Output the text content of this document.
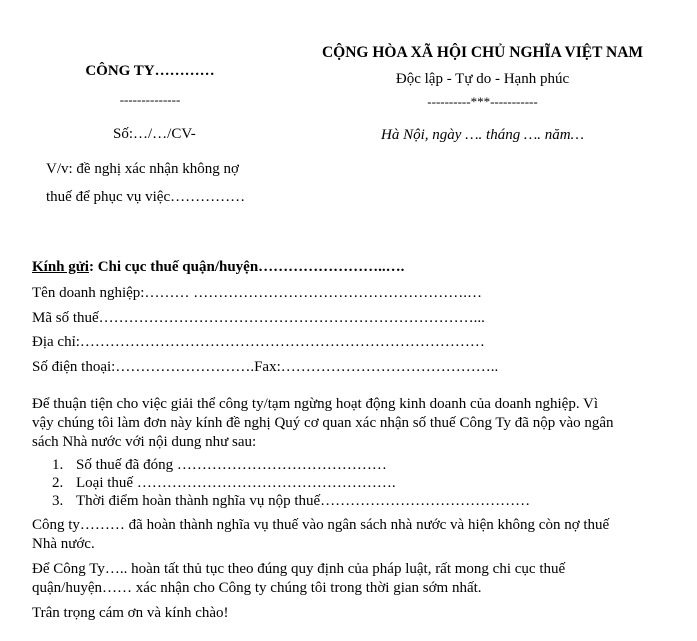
CÔNG TY…………
--------------
Số:…/…/CV-
V/v: đề nghị xác nhận không nợ
thuế để phục vụ việc……………
CỘNG HÒA XÃ HỘI CHỦ NGHĨA VIỆT NAM
Độc lập - Tự do - Hạnh phúc
----------***-----------
Hà Nội, ngày …. tháng …. năm…
Kính gửi: Chi cục thuế quận/huyện……………………..….
Tên doanh nghiệp:……… ……………………………………………….…
Mã số thuế…………………………………………………………………...
Địa chỉ:………………………………………………………………………
Số điện thoại:……………………….Fax:……………………………………..
Để thuận tiện cho việc giải thể công ty/tạm ngừng hoạt động kinh doanh của doanh nghiệp. Vì
vậy chúng tôi làm đơn này kính đề nghị Quý cơ quan xác nhận số thuế Công Ty đã nộp vào ngân
sách Nhà nước với nội dung như sau:
1. Số thuế đã đóng ……………………………………
2. Loại thuế …………………………………………….
3. Thời điểm hoàn thành nghĩa vụ nộp thuế……………………………………
Công ty……… đã hoàn thành nghĩa vụ thuế vào ngân sách nhà nước và hiện không còn nợ thuế
Nhà nước.
Để Công Ty….. hoàn tất thủ tục theo đúng quy định của pháp luật, rất mong chi cục thuế
quận/huyện…… xác nhận cho Công ty chúng tôi trong thời gian sớm nhất.
Trân trọng cám ơn và kính chào!
